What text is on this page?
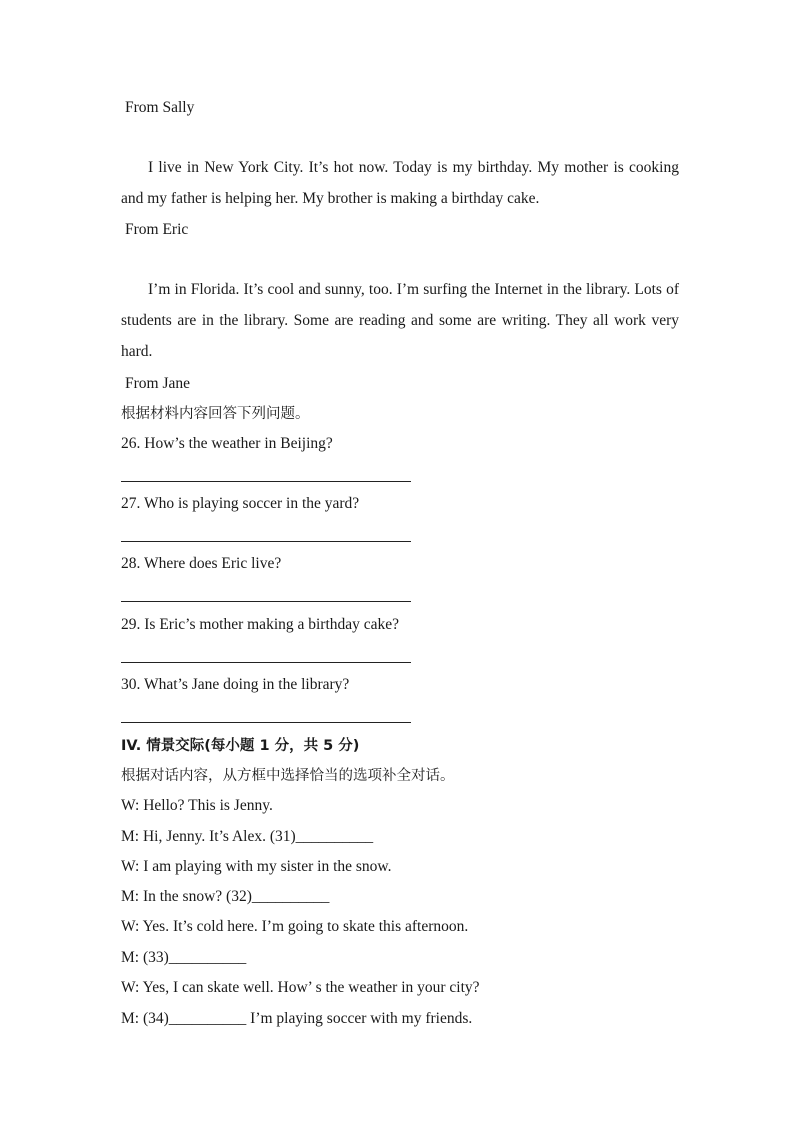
From Sally
I live in New York City. It’s hot now. Today is my birthday. My mother is cooking and my father is helping her. My brother is making a birthday cake.
From Eric
I’m in Florida. It’s cool and sunny, too. I’m surfing the Internet in the library. Lots of students are in the library. Some are reading and some are writing. They all work very hard.
From Jane
根据材料内容回答下列问题。
26. How’s the weather in Beijing?
27. Who is playing soccer in the yard?
28. Where does Eric live?
29. Is Eric’s mother making a birthday cake?
30. What’s Jane doing in the library?
IV. 情景交际(每小题 1 分，共 5 分)
根据对话内容，从方框中选择恰当的选项补全对话。
W: Hello? This is Jenny.
M: Hi, Jenny. It’s Alex. (31)__________
W: I am playing with my sister in the snow.
M: In the snow? (32)__________
W: Yes. It’s cold here. I’m going to skate this afternoon.
M: (33)__________
W: Yes, I can skate well. How’ s the weather in your city?
M: (34)__________ I’m playing soccer with my friends.
